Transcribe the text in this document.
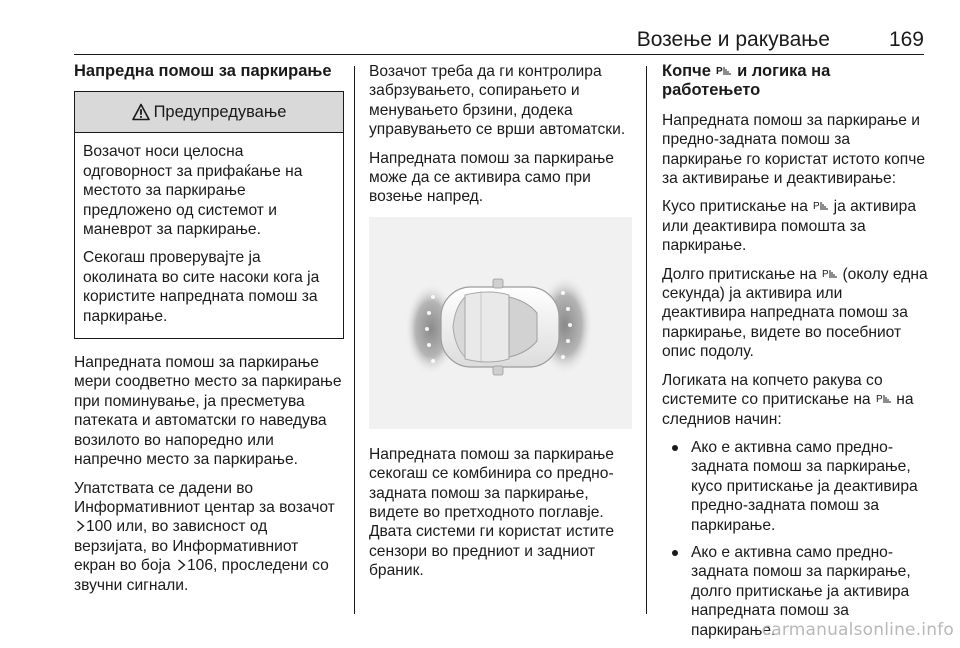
Возење и ракување	169
Напредна помош за паркирање
Предупредување

Возачот носи целосна одговорност за прифаќање на местото за паркирање предложено од системот и маневрот за паркирање.

Секогаш проверувајте ја околината во сите насоки кога ја користите напредната помош за паркирање.

Напредната помош за паркирање мери соодветно место за паркирање при поминување, ја пресметува патеката и автоматски го наведува возилото во напоредно или напречно место за паркирање.

Упатствата се дадени во Информативниот центар за возачот 100 или, во зависност од верзијата, во Информативниот екран во боја 106, проследени со звучни сигнали.

Возачот треба да ги контролира забрзувањето, сопирањето и менувањето брзини, додека управувањето се врши автоматски.

Напредната помош за паркирање може да се активира само при возење напред.

Напредната помош за паркирање секогаш се комбинира со предно-задната помош за паркирање, видете во претходното поглавје. Двата системи ги користат истите сензори во предниот и задниот браник.

Копче P и логика на работењето

Напредната помош за паркирање и предно-задната помош за паркирање го користат истото копче за активирање и деактивирање:

Кусо притискање на P ја активира или деактивира помошта за паркирање.

Долго притискање на P (околу една секунда) ја активира или деактивира напредната помош за паркирање, видете во посебниот опис подолу.

Логиката на копчето ракува со системите со притискање на P на следниов начин:

Ако е активна само предно-задната помош за паркирање, кусо притискање ја деактивира предно-задната помош за паркирање.
Ако е активна само предно-задната помош за паркирање, долго притискање ја активира напредната помош за паркирање.
carmanualsonline.info
